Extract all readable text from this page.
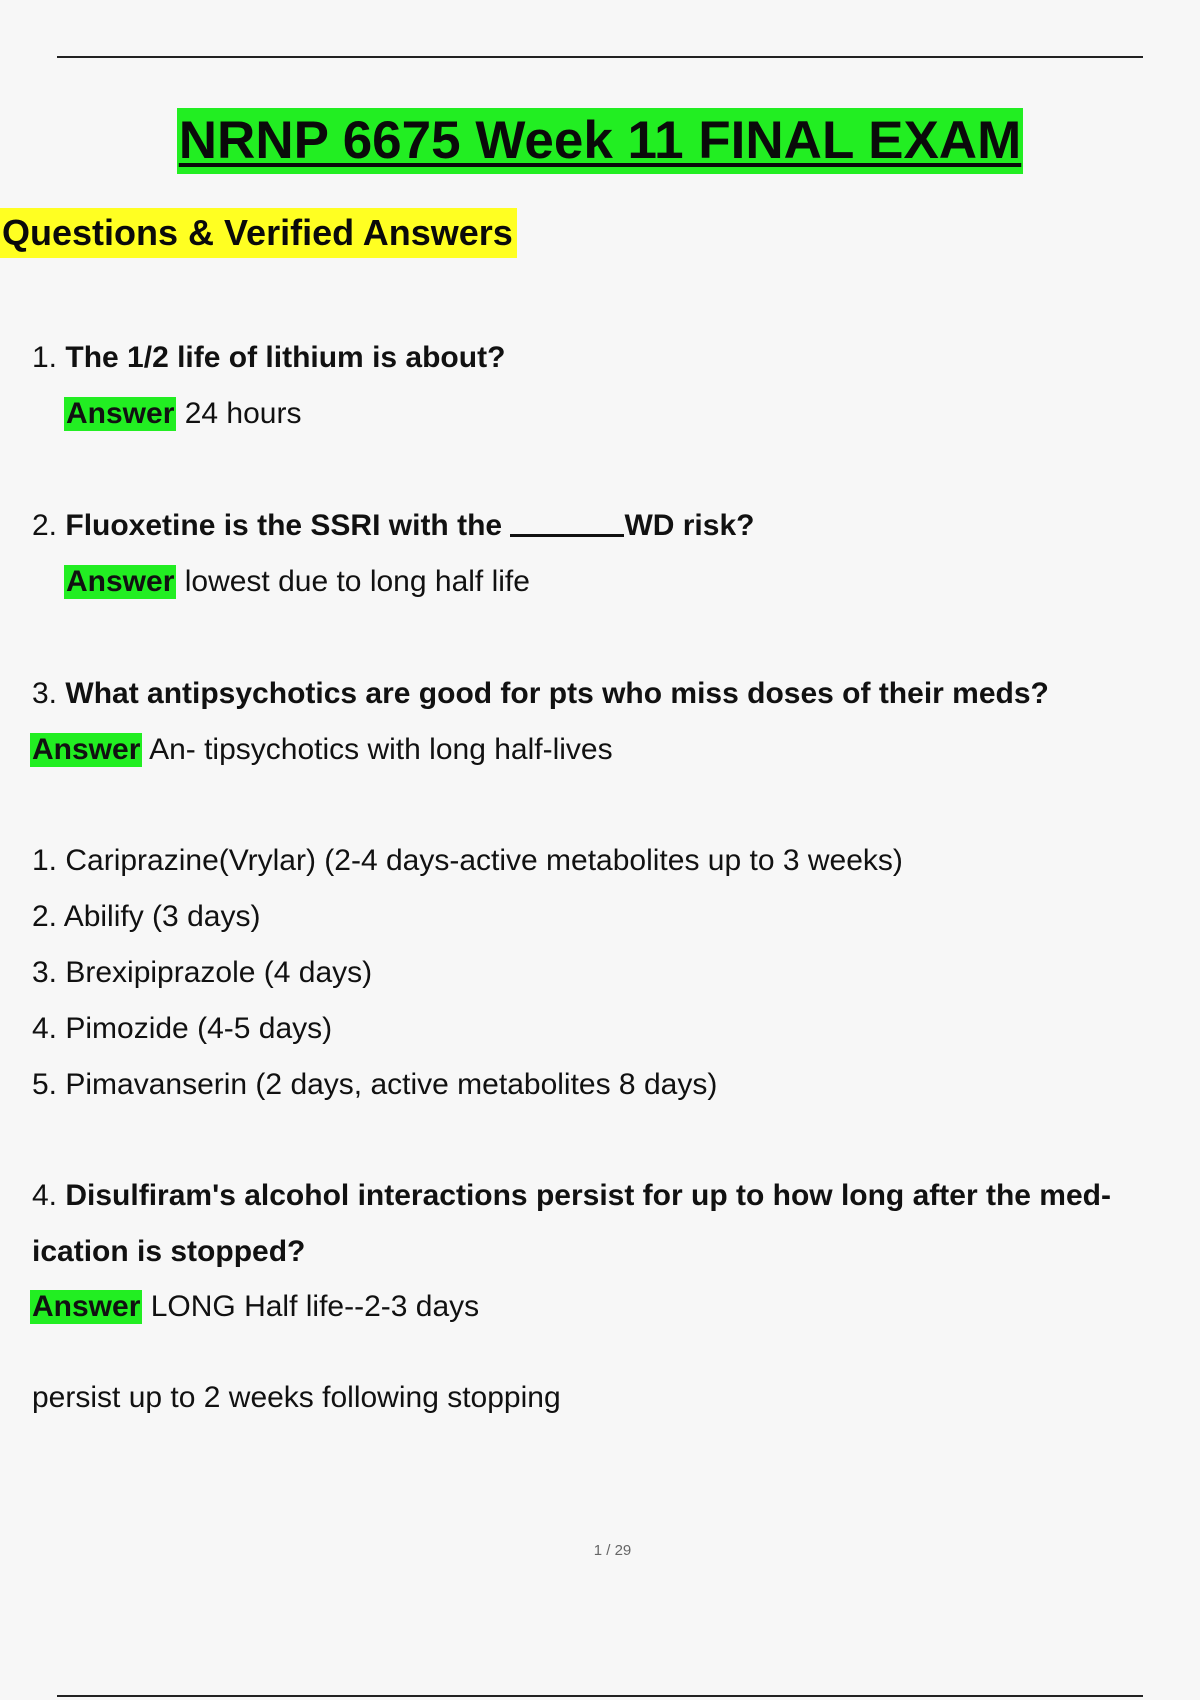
NRNP 6675 Week 11 FINAL EXAM
Questions & Verified Answers
1. The 1/2 life of lithium is about?
Answer 24 hours
2. Fluoxetine is the SSRI with the	WD risk?
Answer lowest due to long half life
3. What antipsychotics are good for pts who miss doses of their meds?
Answer An- tipsychotics with long half-lives
1. Cariprazine(Vrylar) (2-4 days-active metabolites up to 3 weeks)
2. Abilify (3 days)
3. Brexipiprazole (4 days)
4. Pimozide (4-5 days)
5. Pimavanserin (2 days, active metabolites 8 days)
4. Disulfiram's alcohol interactions persist for up to how long after the med-
ication is stopped?
Answer LONG Half life--2-3 days
persist up to 2 weeks following stopping
1 / 29
